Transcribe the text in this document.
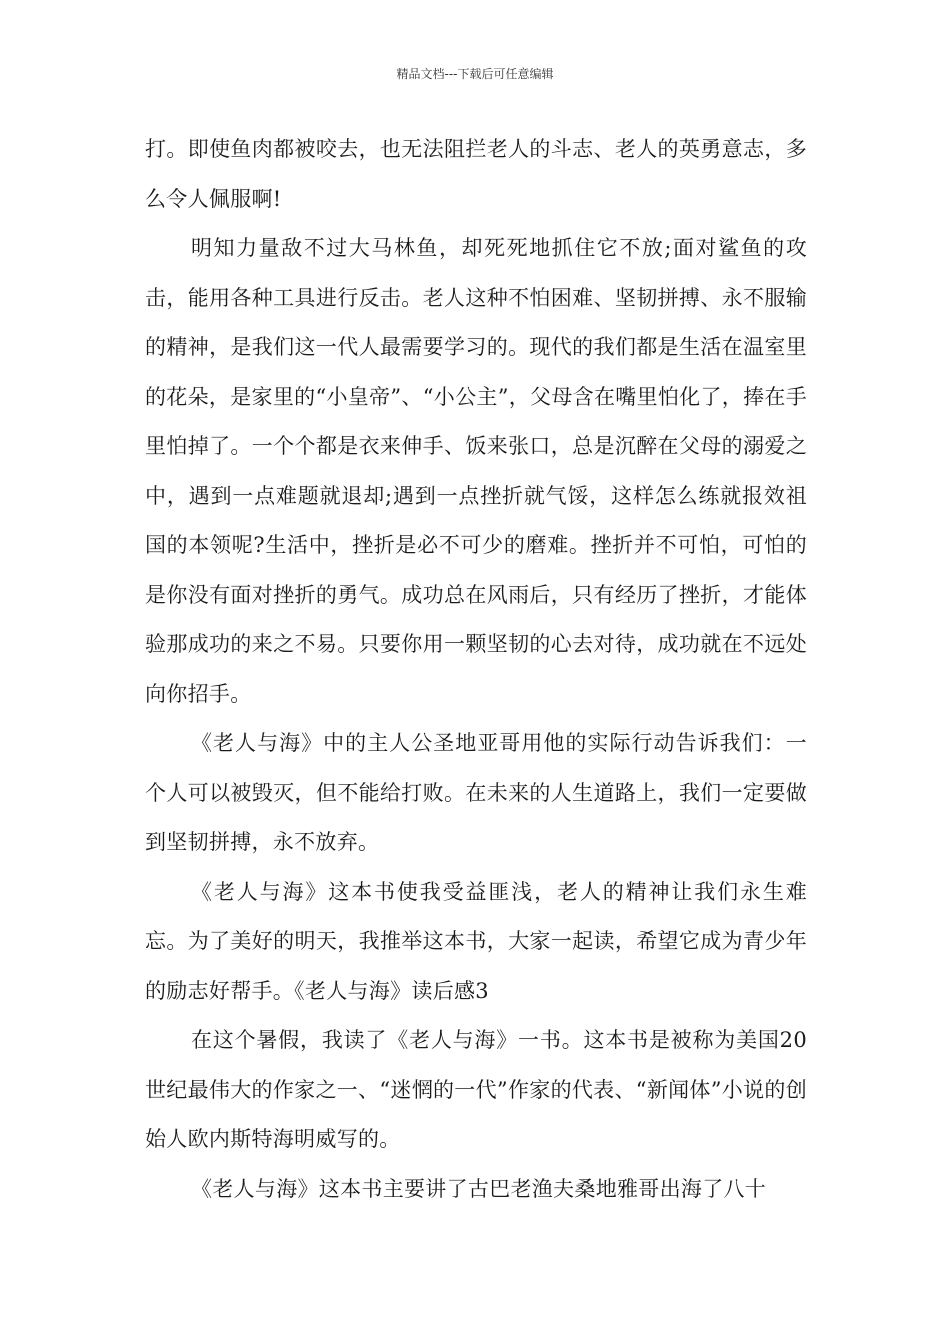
精品文档---下载后可任意编辑

打。即使鱼肉都被咬去，也无法阻拦老人的斗志、老人的英勇意志，多么令人佩服啊!

明知力量敌不过大马林鱼，却死死地抓住它不放;面对鲨鱼的攻击，能用各种工具进行反击。老人这种不怕困难、坚韧拼搏、永不服输的精神，是我们这一代人最需要学习的。现代的我们都是生活在温室里的花朵，是家里的“小皇帝”、“小公主”，父母含在嘴里怕化了，捧在手里怕掉了。一个个都是衣来伸手、饭来张口，总是沉醉在父母的溺爱之中，遇到一点难题就退却;遇到一点挫折就气馁，这样怎么练就报效祖国的本领呢?生活中，挫折是必不可少的磨难。挫折并不可怕，可怕的是你没有面对挫折的勇气。成功总在风雨后，只有经历了挫折，才能体验那成功的来之不易。只要你用一颗坚韧的心去对待，成功就在不远处向你招手。

《老人与海》中的主人公圣地亚哥用他的实际行动告诉我们：一个人可以被毁灭，但不能给打败。在未来的人生道路上，我们一定要做到坚韧拼搏，永不放弃。

《老人与海》这本书使我受益匪浅，老人的精神让我们永生难忘。为了美好的明天，我推举这本书，大家一起读，希望它成为青少年的励志好帮手。《老人与海》读后感3

在这个暑假，我读了《老人与海》一书。这本书是被称为美国20世纪最伟大的作家之一、“迷惘的一代”作家的代表、“新闻体”小说的创始人欧内斯特海明威写的。

《老人与海》这本书主要讲了古巴老渔夫桑地雅哥出海了八十
